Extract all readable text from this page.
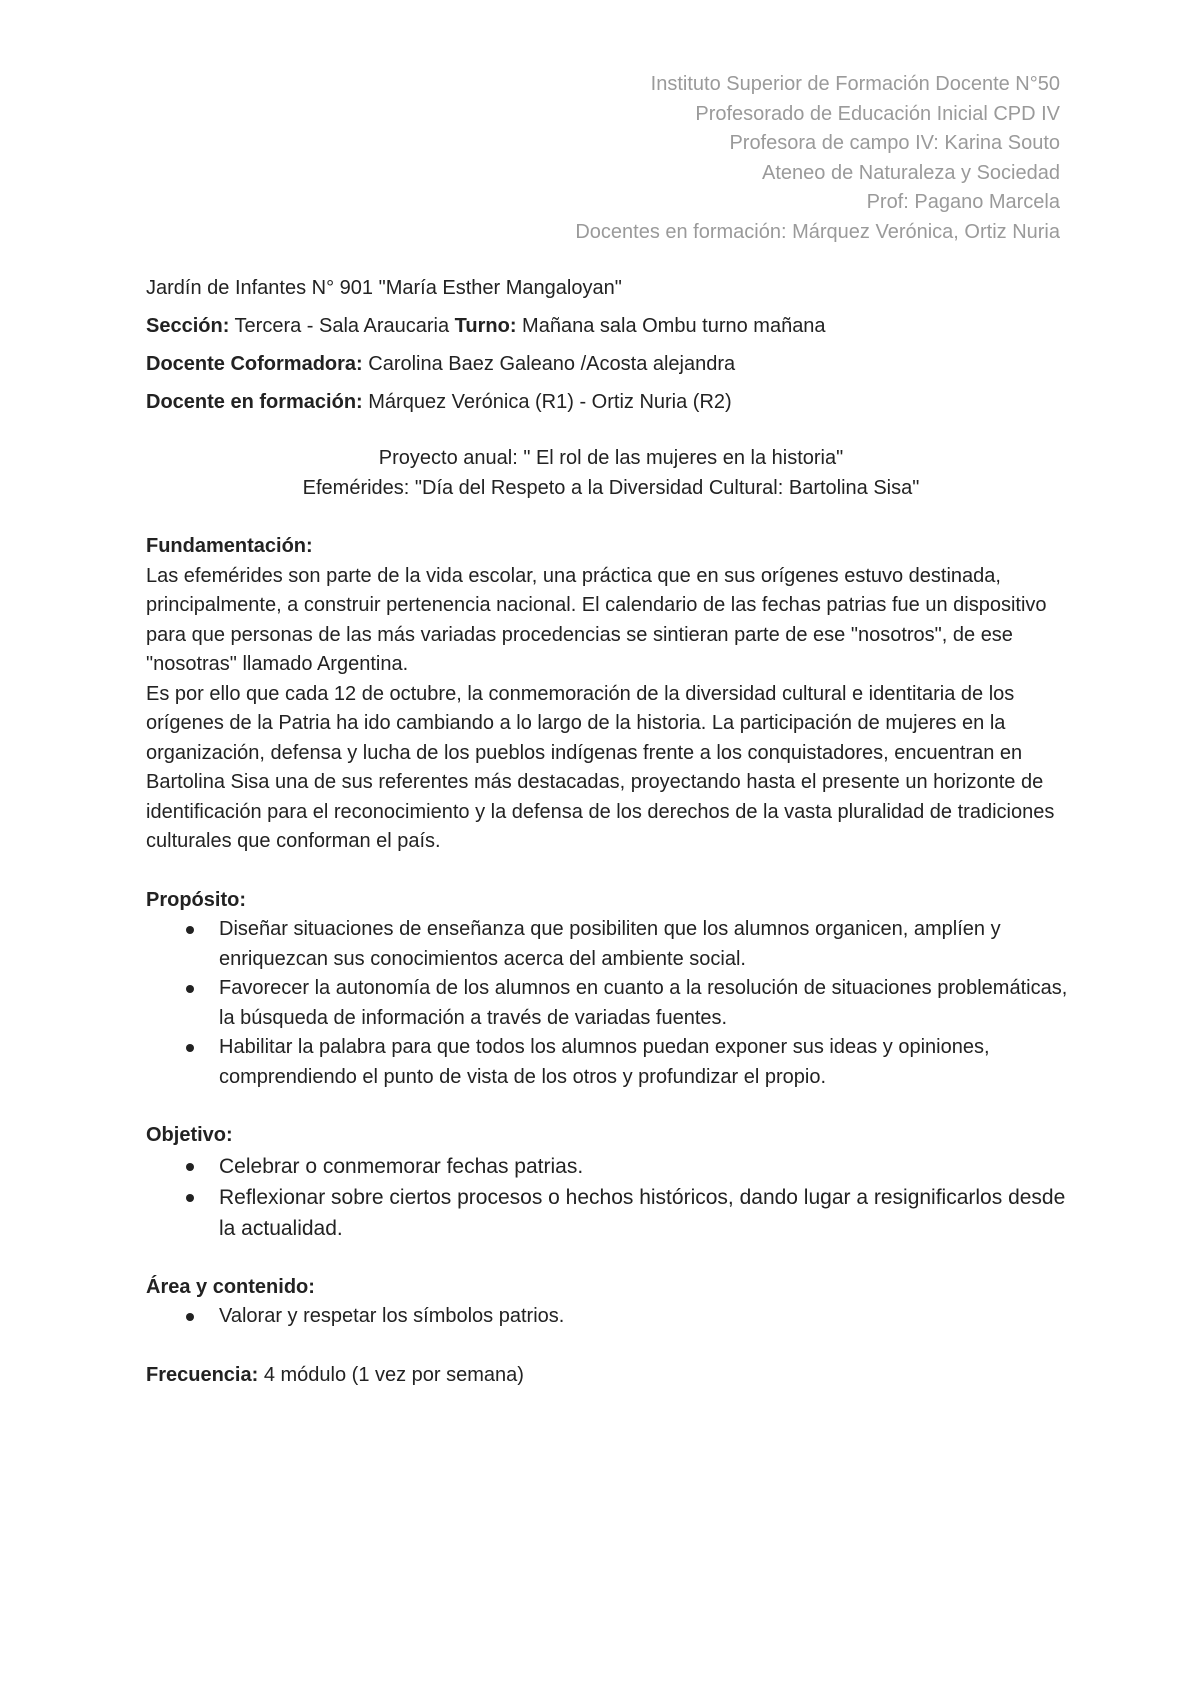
Instituto Superior de Formación Docente N°50
Profesorado de Educación Inicial CPD IV
Profesora de campo IV: Karina Souto
Ateneo de Naturaleza y Sociedad
Prof: Pagano Marcela
Docentes en formación: Márquez Verónica, Ortiz Nuria

Jardín de Infantes N° 901 "María Esther Mangaloyan"

Sección: Tercera - Sala Araucaria Turno: Mañana sala Ombu turno mañana

Docente Coformadora: Carolina Baez Galeano /Acosta alejandra

Docente en formación: Márquez Verónica (R1) - Ortiz Nuria (R2)

Proyecto anual: " El rol de las mujeres en la historia"
Efemérides: "Día del Respeto a la Diversidad Cultural: Bartolina Sisa"
Fundamentación:
Las efemérides son parte de la vida escolar, una práctica que en sus orígenes estuvo destinada, principalmente, a construir pertenencia nacional. El calendario de las fechas patrias fue un dispositivo para que personas de las más variadas procedencias se sintieran parte de ese "nosotros", de ese "nosotras" llamado Argentina.
Es por ello que cada 12 de octubre, la conmemoración de la diversidad cultural e identitaria de los orígenes de la Patria ha ido cambiando a lo largo de la historia. La participación de mujeres en la organización, defensa y lucha de los pueblos indígenas frente a los conquistadores, encuentran en Bartolina Sisa una de sus referentes más destacadas, proyectando hasta el presente un horizonte de identificación para el reconocimiento y la defensa de los derechos de la vasta pluralidad de tradiciones culturales que conforman el país.
Propósito:
Diseñar situaciones de enseñanza que posibiliten que los alumnos organicen, amplíen y enriquezcan sus conocimientos acerca del ambiente social.
Favorecer la autonomía de los alumnos en cuanto a la resolución de situaciones problemáticas, la búsqueda de información a través de variadas fuentes.
Habilitar la palabra para que todos los alumnos puedan exponer sus ideas y opiniones, comprendiendo el punto de vista de los otros y profundizar el propio.
Objetivo:
Celebrar o conmemorar fechas patrias.
Reflexionar sobre ciertos procesos o hechos históricos, dando lugar a resignificarlos desde la actualidad.
Área y contenido:
Valorar y respetar los símbolos patrios.
Frecuencia: 4 módulo (1 vez por semana)
